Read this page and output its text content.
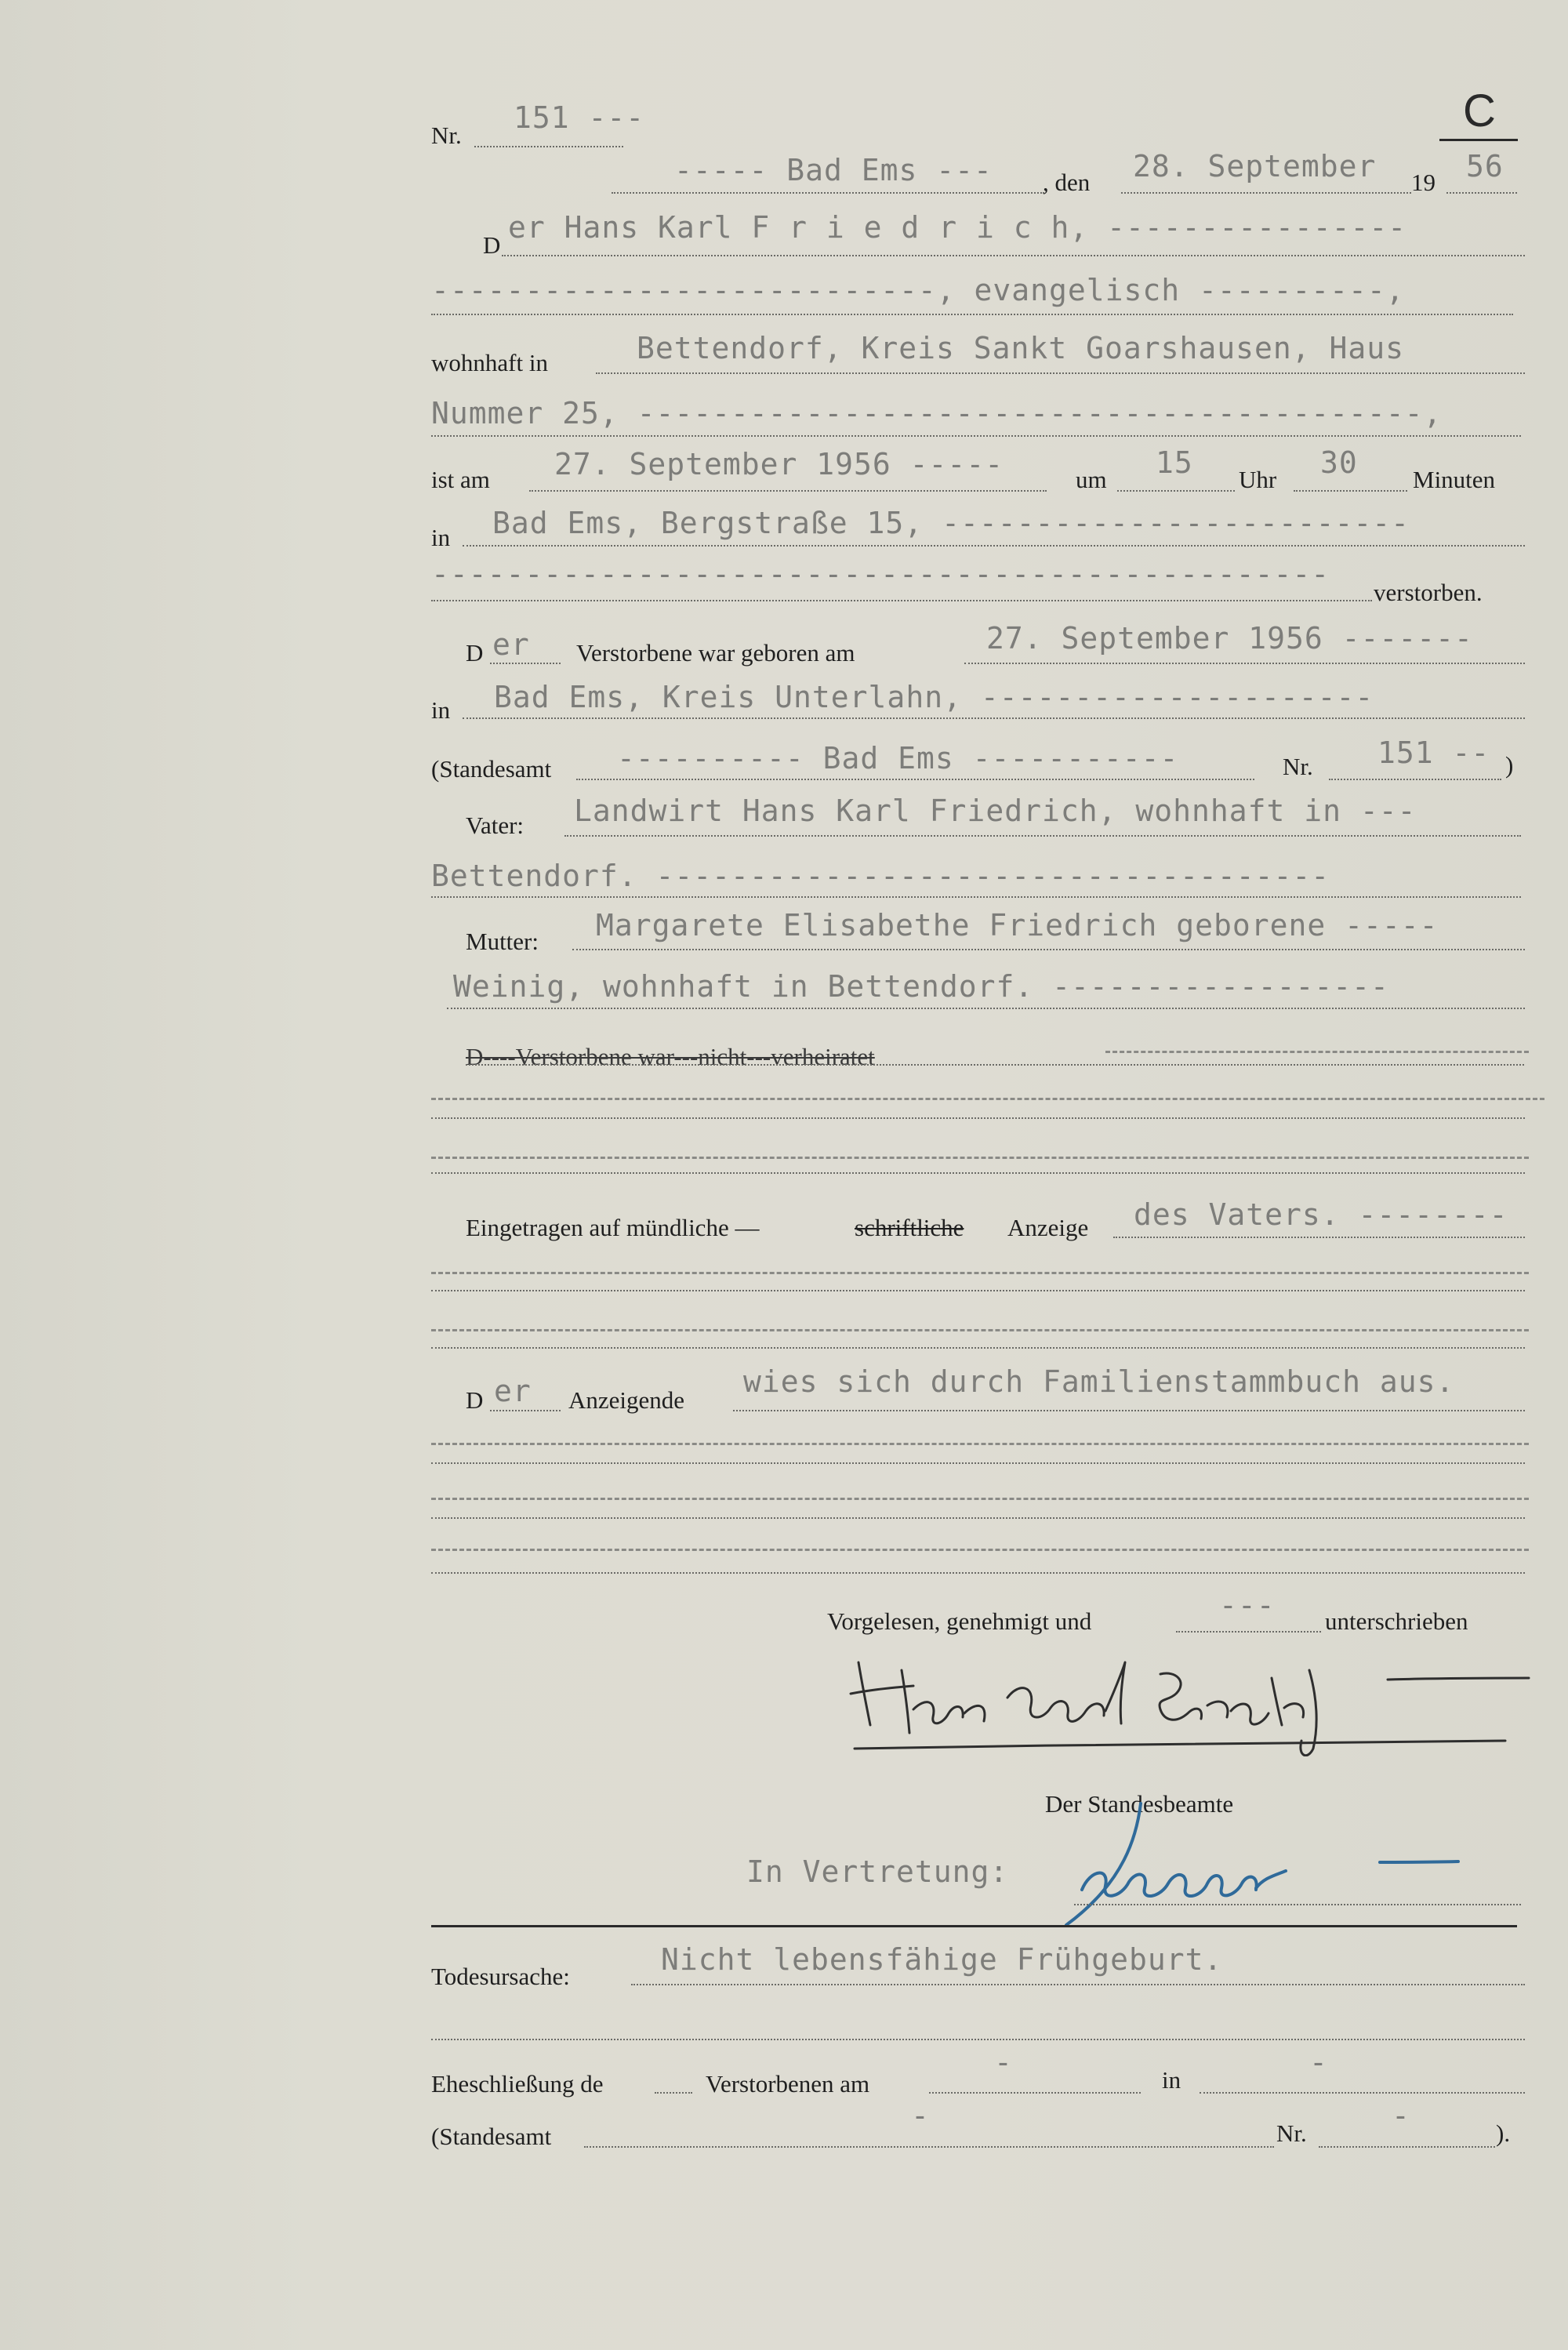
Nr.
151 ---	C
----- Bad Ems --- , den 28. September 19 56
D
er Hans Karl F r i e d r i c h, ----------------
---------------------------, evangelisch ----------,
wohnhaft in	Bettendorf, Kreis Sankt Goarshausen, Haus
Nummer 25, ------------------------------------------,
ist am 27. September 1956 -----	um 15 Uhr 30 Minuten
in Bad Ems, Bergstraße 15, -------------------------
------------------------------------------------
verstorben.
D er Verstorbene war geboren am	27. September 1956 -------
in Bad Ems, Kreis Unterlahn, ---------------------
(Standesamt ---------- Bad Ems -----------	Nr. 151 -- )
Vater: Landwirt Hans Karl Friedrich, wohnhaft in ---
Bettendorf. ------------------------------------
Mutter: Margarete Elisabethe Friedrich geborene -----
Weinig, wohnhaft in Bettendorf. ------------------
D----Verstorbene war---nicht---verheiratet
Eingetragen auf mündliche —	schriftliche Anzeige des Vaters. --------
D er Anzeigende
wies sich durch Familienstammbuch aus.
Vorgelesen, genehmigt und	--- unterschrieben
Der Standesbeamte
In Vertretung:
Todesursache:	Nicht lebensfähige Frühgeburt.
Eheschließung de	Verstorbenen am
-
in
-
(Standesamt
-
Nr.
-
).
